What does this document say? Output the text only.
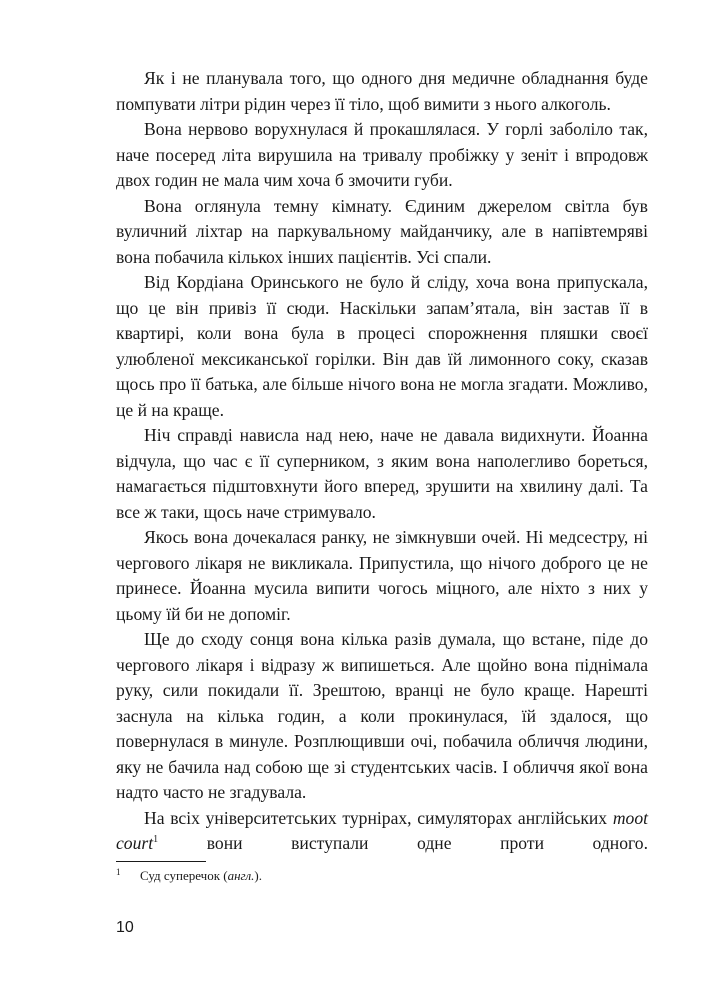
Як і не планувала того, що одного дня медичне обладнання буде помпувати літри рідин через її тіло, щоб вимити з нього алкоголь.

Вона нервово ворухнулася й прокашлялася. У горлі заболіло так, наче посеред літа вирушила на тривалу пробіжку у зеніт і впродовж двох годин не мала чим хоча б змочити губи.

Вона оглянула темну кімнату. Єдиним джерелом світла був вуличний ліхтар на паркувальному майданчику, але в напівтемряві вона побачила кількох інших пацієнтів. Усі спали.

Від Кордіана Оринського не було й сліду, хоча вона припускала, що це він привіз її сюди. Наскільки запам’ятала, він застав її в квартирі, коли вона була в процесі спорожнення пляшки своєї улюбленої мексиканської горілки. Він дав їй лимонного соку, сказав щось про її батька, але більше нічого вона не могла згадати. Можливо, це й на краще.

Ніч справді нависла над нею, наче не давала видихнути. Йоанна відчула, що час є її суперником, з яким вона наполегливо бореться, намагається підштовхнути його вперед, зрушити на хвилину далі. Та все ж таки, щось наче стримувало.

Якось вона дочекалася ранку, не зімкнувши очей. Ні медсестру, ні чергового лікаря не викликала. Припустила, що нічого доброго це не принесе. Йоанна мусила випити чогось міцного, але ніхто з них у цьому їй би не допоміг.

Ще до сходу сонця вона кілька разів думала, що встане, піде до чергового лікаря і відразу ж випишеться. Але щойно вона піднімала руку, сили покидали її. Зрештою, вранці не було краще. Нарешті заснула на кілька годин, а коли прокинулася, їй здалося, що повернулася в минуле. Розплющивши очі, побачила обличчя людини, яку не бачила над собою ще зі студентських часів. І обличчя якої вона надто часто не згадувала.

На всіх університетських турнірах, симуляторах англійських moot court$^1$ вони виступали одне проти одного.

1 Суд суперечок (англ.).

10
